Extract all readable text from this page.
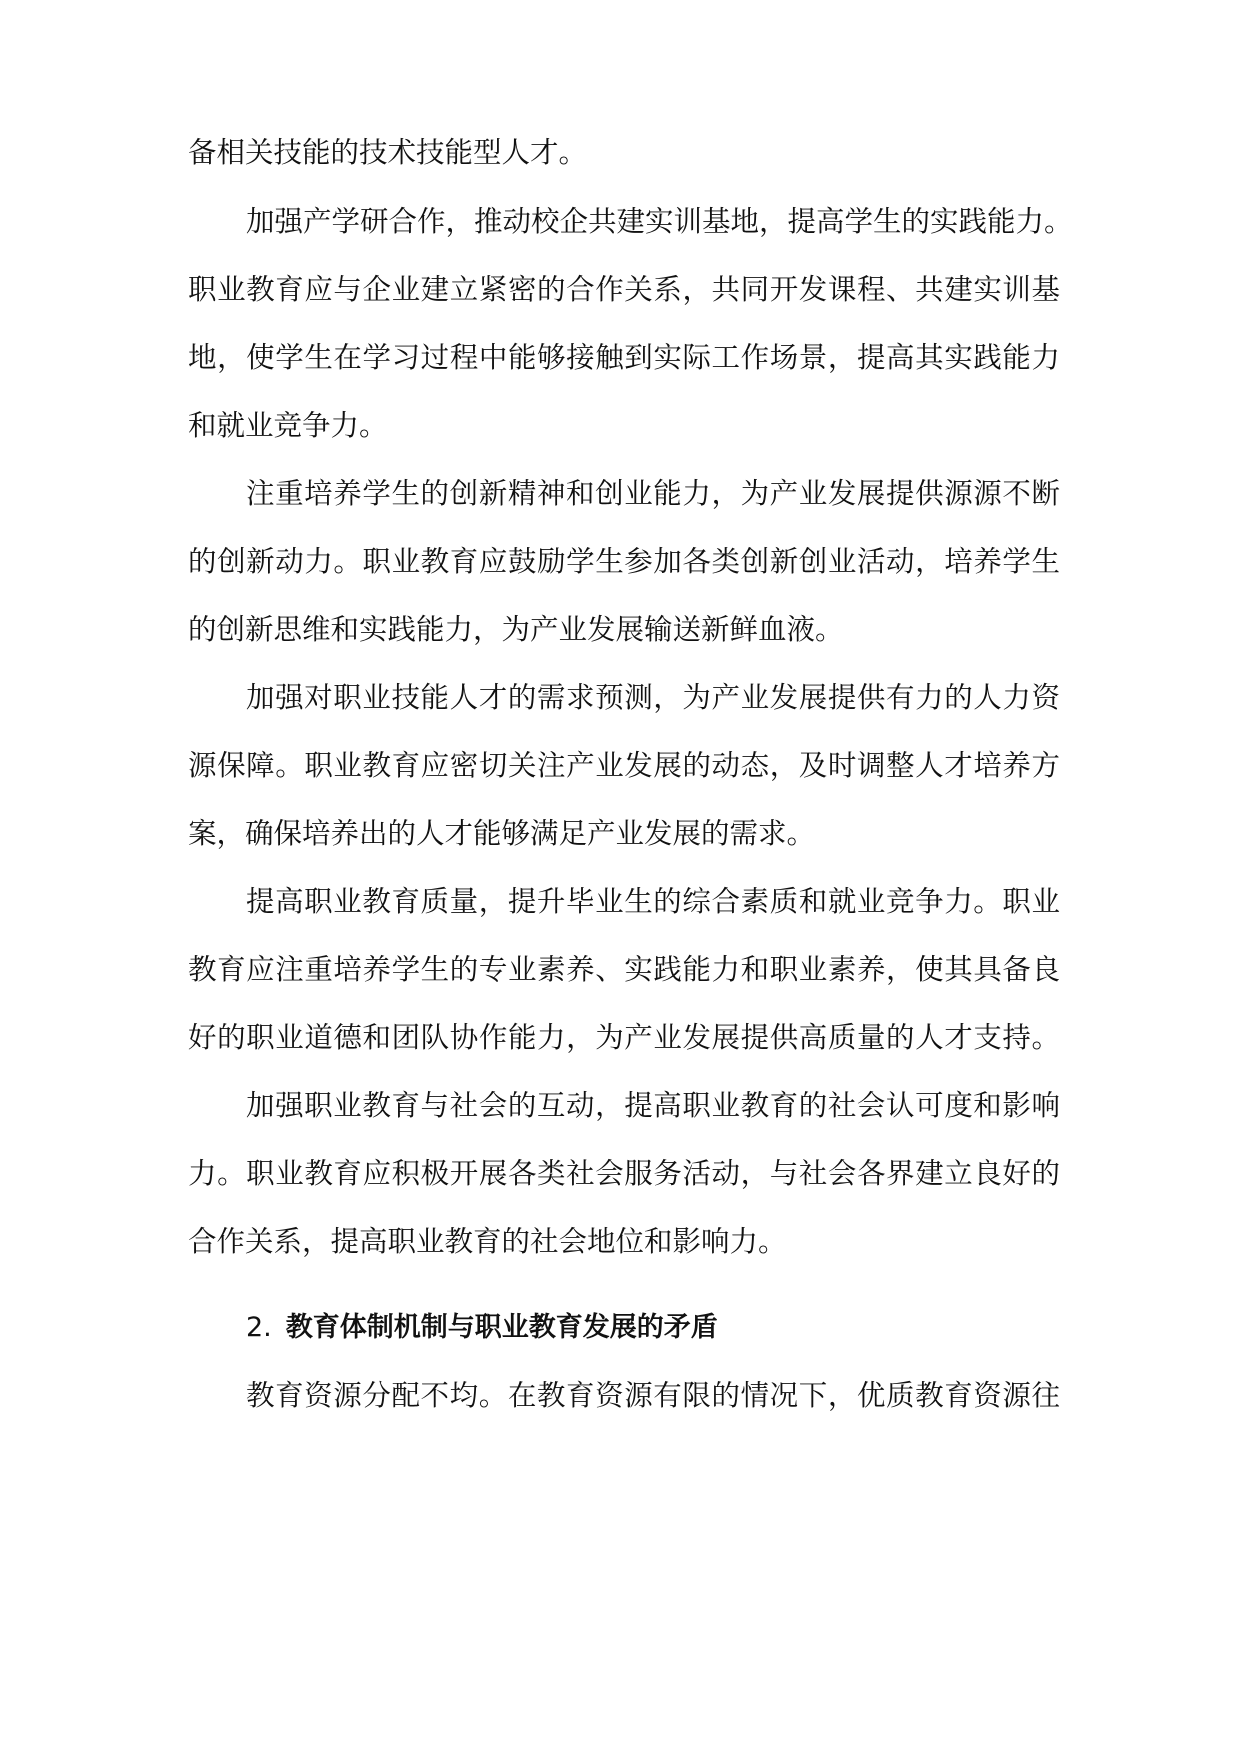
备相关技能的技术技能型人才。
加强产学研合作，推动校企共建实训基地，提高学生的实践能力。
职业教育应与企业建立紧密的合作关系，共同开发课程、共建实训基
地，使学生在学习过程中能够接触到实际工作场景，提高其实践能力
和就业竞争力。
注重培养学生的创新精神和创业能力，为产业发展提供源源不断
的创新动力。职业教育应鼓励学生参加各类创新创业活动，培养学生
的创新思维和实践能力，为产业发展输送新鲜血液。
加强对职业技能人才的需求预测，为产业发展提供有力的人力资
源保障。职业教育应密切关注产业发展的动态，及时调整人才培养方
案，确保培养出的人才能够满足产业发展的需求。
提高职业教育质量，提升毕业生的综合素质和就业竞争力。职业
教育应注重培养学生的专业素养、实践能力和职业素养，使其具备良
好的职业道德和团队协作能力，为产业发展提供高质量的人才支持。
加强职业教育与社会的互动，提高职业教育的社会认可度和影响
力。职业教育应积极开展各类社会服务活动，与社会各界建立良好的
合作关系，提高职业教育的社会地位和影响力。
2. 教育体制机制与职业教育发展的矛盾
教育资源分配不均。在教育资源有限的情况下，优质教育资源往
